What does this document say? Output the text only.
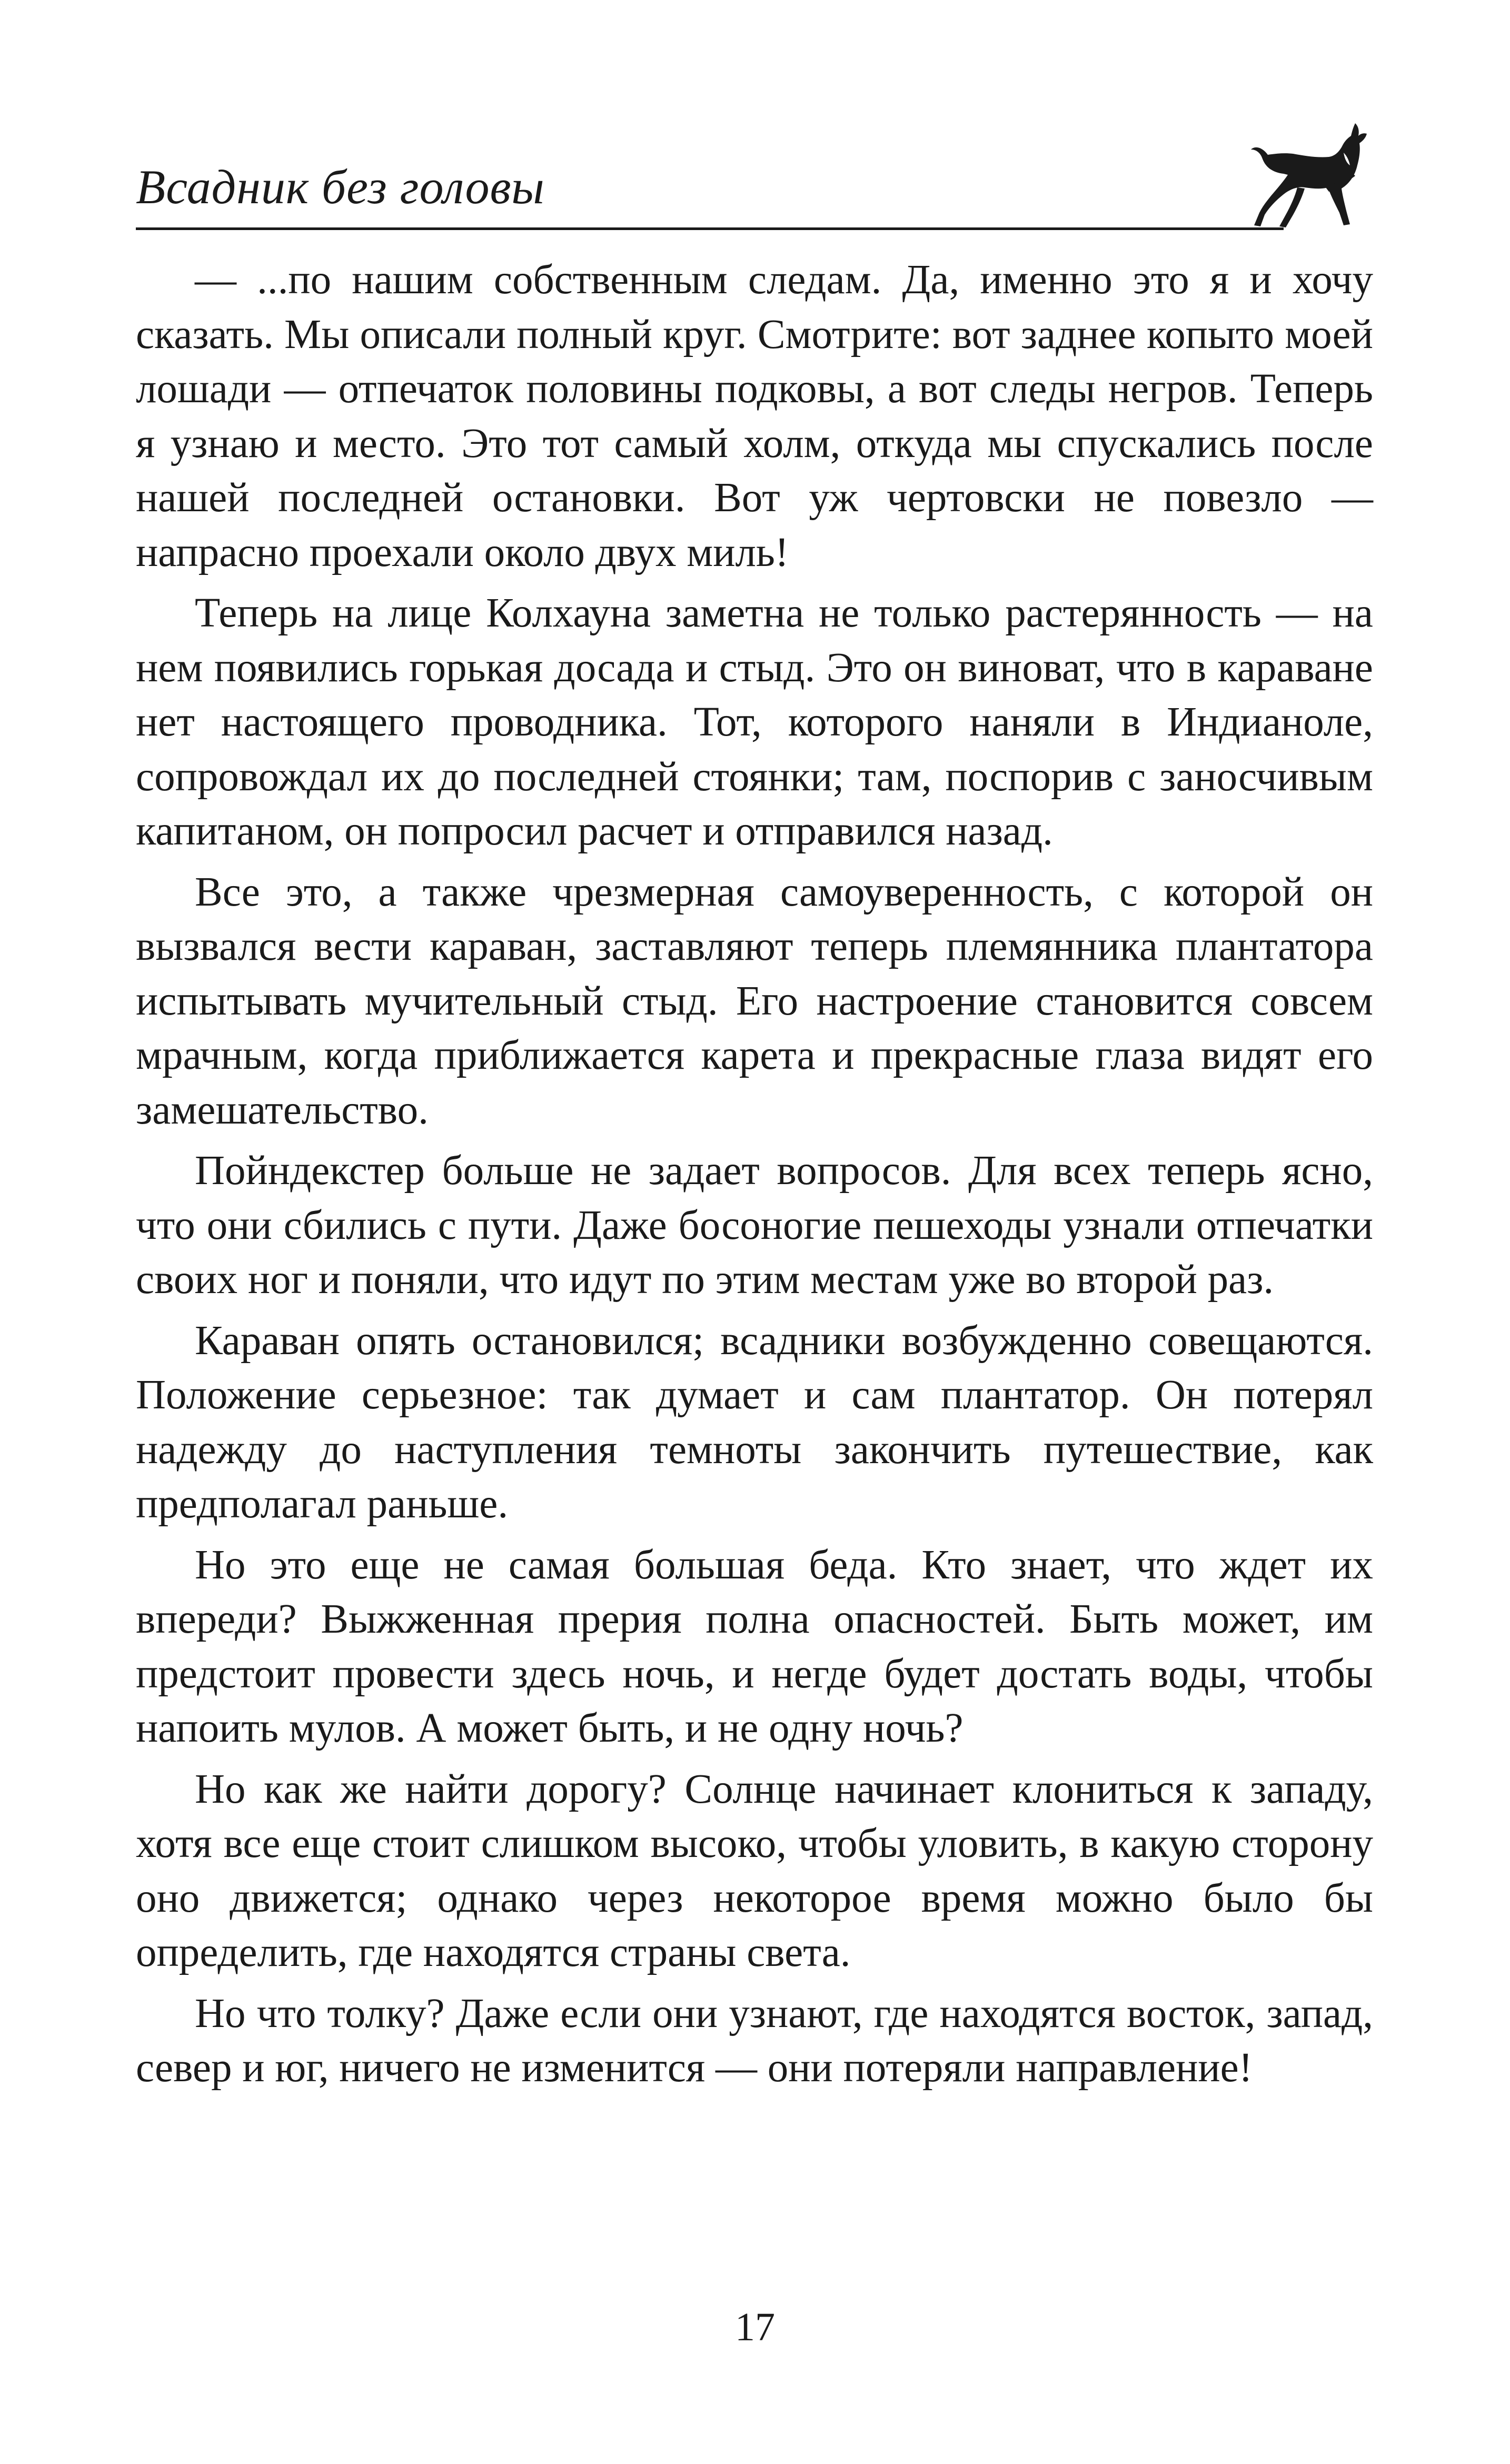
Всадник без головы

— ...по нашим собственным следам. Да, именно это я и хочу сказать. Мы описали полный круг. Смотрите: вот заднее копыто моей лошади — отпечаток половины подковы, а вот следы негров. Теперь я узнаю и место. Это тот самый холм, откуда мы спускались после нашей последней остановки. Вот уж чертовски не повезло — напрасно проехали около двух миль!

Теперь на лице Колхауна заметна не только растерянность — на нем появились горькая досада и стыд. Это он виноват, что в караване нет настоящего проводника. Тот, которого наняли в Индианоле, сопровождал их до последней стоянки; там, поспорив с заносчивым капитаном, он попросил расчет и отправился назад.

Все это, а также чрезмерная самоуверенность, с которой он вызвался вести караван, заставляют теперь племянника плантатора испытывать мучительный стыд. Его настроение становится совсем мрачным, когда приближается карета и прекрасные глаза видят его замешательство.

Пойндекстер больше не задает вопросов. Для всех теперь ясно, что они сбились с пути. Даже босоногие пешеходы узнали отпечатки своих ног и поняли, что идут по этим местам уже во второй раз.

Караван опять остановился; всадники возбужденно совещаются. Положение серьезное: так думает и сам плантатор. Он потерял надежду до наступления темноты закончить путешествие, как предполагал раньше.

Но это еще не самая большая беда. Кто знает, что ждет их впереди? Выжженная прерия полна опасностей. Быть может, им предстоит провести здесь ночь, и негде будет достать воды, чтобы напоить мулов. А может быть, и не одну ночь?

Но как же найти дорогу? Солнце начинает клониться к западу, хотя все еще стоит слишком высоко, чтобы уловить, в какую сторону оно движется; однако через некоторое время можно было бы определить, где находятся страны света.

Но что толку? Даже если они узнают, где находятся восток, запад, север и юг, ничего не изменится — они потеряли направление!

17
